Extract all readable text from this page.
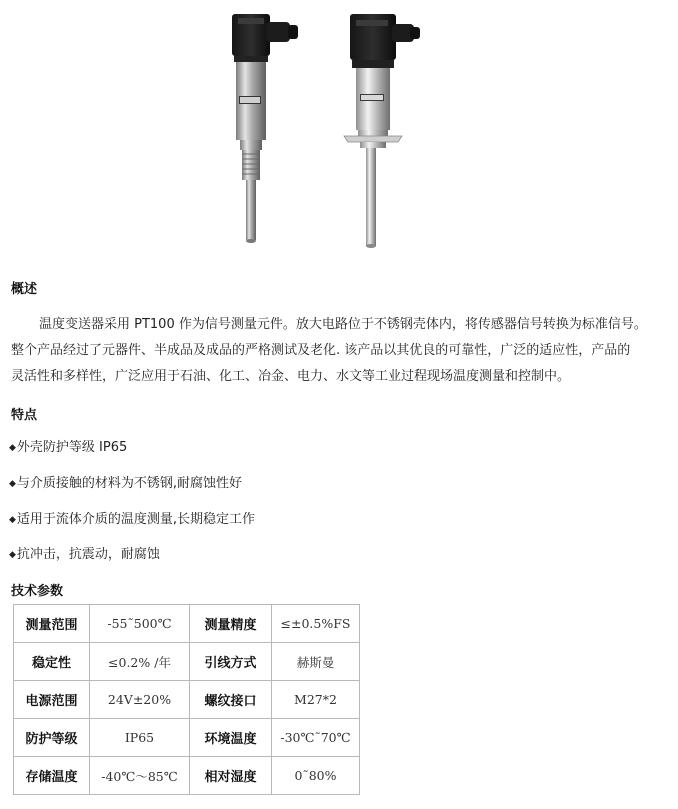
概述
温度变送器采用 PT100 作为信号测量元件。放大电路位于不锈钢壳体内，将传感器信号转换为标准信号。
整个产品经过了元器件、半成品及成品的严格测试及老化. 该产品以其优良的可靠性，广泛的适应性，产品的
灵活性和多样性，广泛应用于石油、化工、冶金、电力、水文等工业过程现场温度测量和控制中。
特点
◆外壳防护等级 IP65
◆与介质接触的材料为不锈钢,耐腐蚀性好
◆适用于流体介质的温度测量,长期稳定工作
◆抗冲击，抗震动，耐腐蚀
技术参数
测量范围	-55˜500℃	测量精度	≤±0.5%FS
稳定性	≤0.2% /年	引线方式	赫斯曼
电源范围	24V±20%	螺纹接口	M27*2
防护等级	IP65	环境温度	-30℃˜70℃
存储温度	-40℃～85℃	相对湿度	0˜80%
